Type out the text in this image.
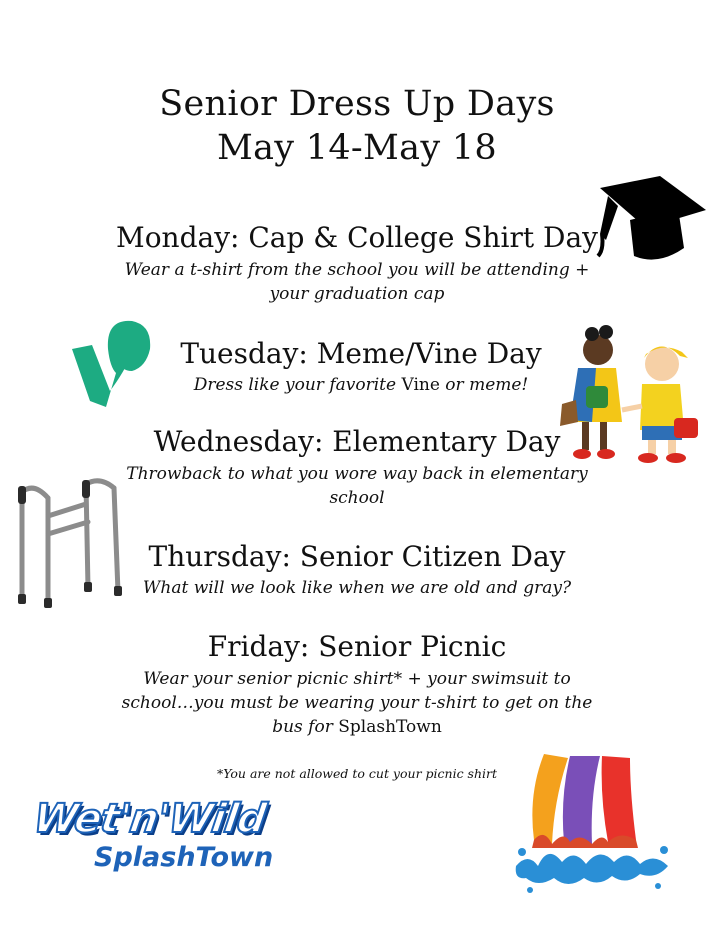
Senior Dress Up Days
May 14-May 18
Monday: Cap & College Shirt Day
Wear a t-shirt from the school you will be attending +
your graduation cap
Tuesday: Meme/Vine Day
Dress like your favorite Vine or meme!
Wednesday: Elementary Day
Throwback to what you wore way back in elementary
school
Thursday: Senior Citizen Day
What will we look like when we are old and gray?
Friday: Senior Picnic
Wear your senior picnic shirt* + your swimsuit to
school…you must be wearing your t-shirt to get on the
bus for SplashTown
*You are not allowed to cut your picnic shirt
Wet'n'Wild
SplashTown
